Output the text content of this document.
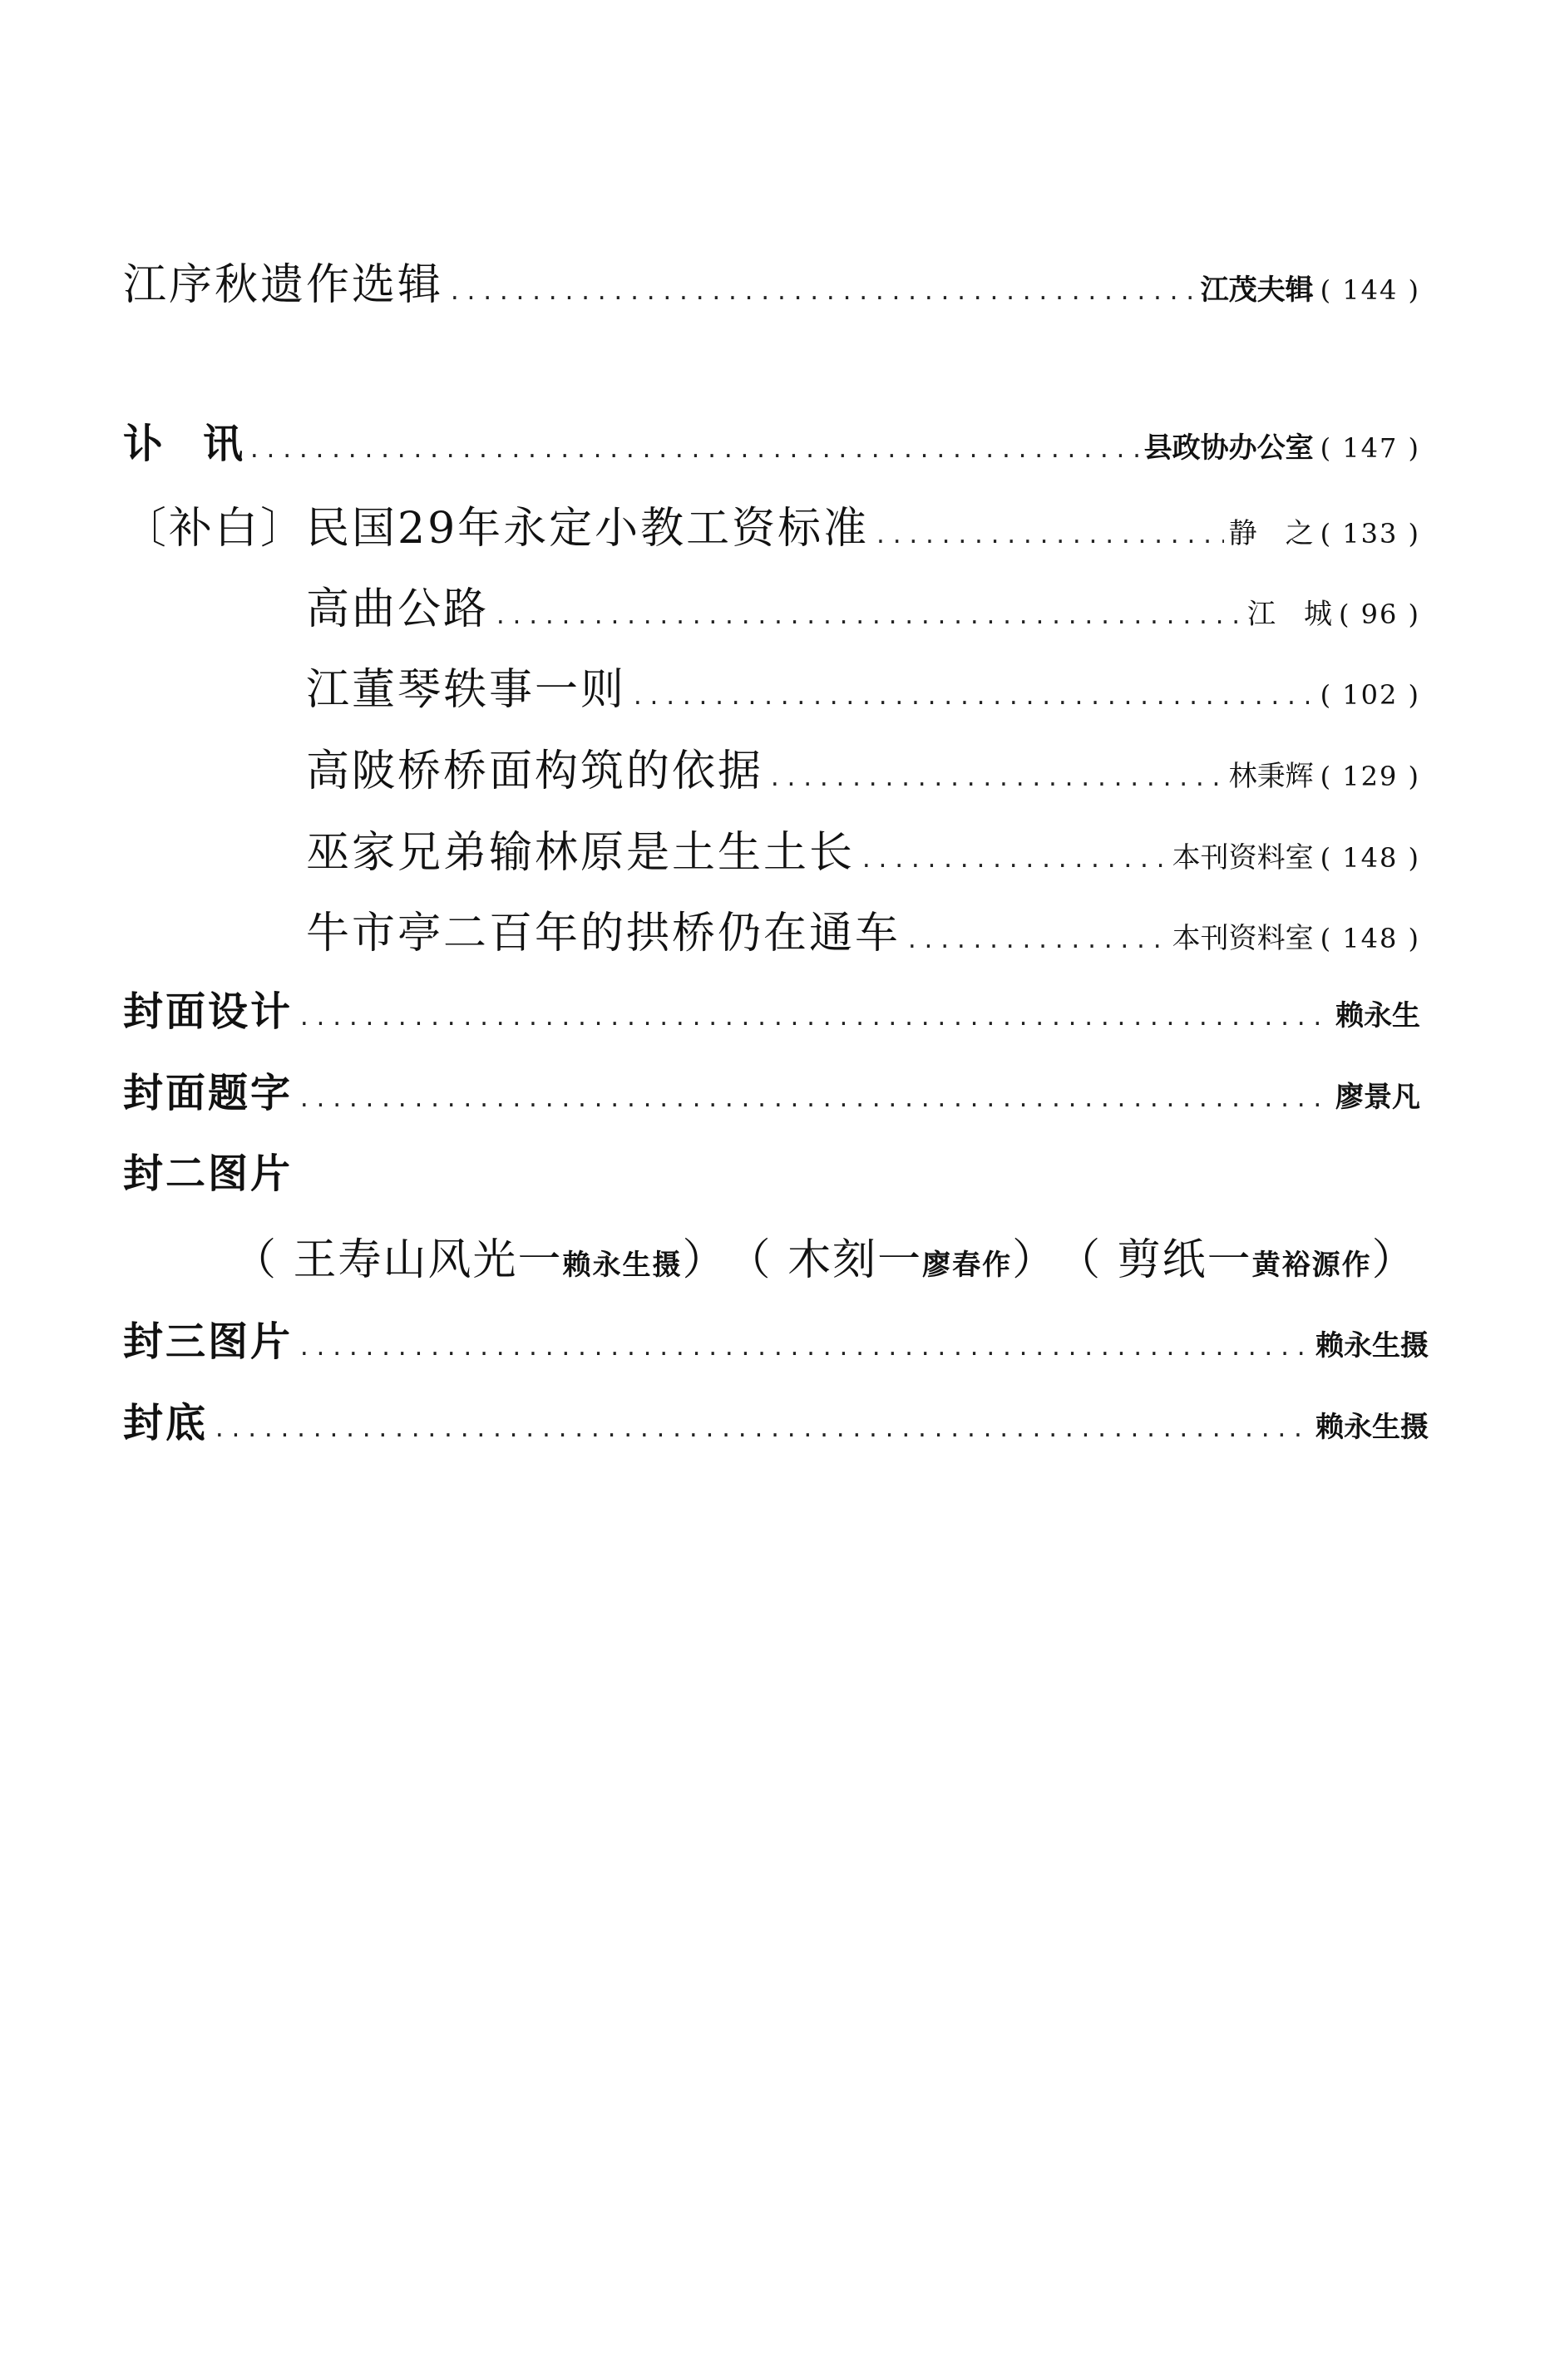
江序秋遗作选辑 .....	江茂夫辑 ( 144 )
讣　讯 .....	县政协办公室 ( 147 )
〔补白〕民国29年永定小教工资标准 .....	静　之 ( 133 )
高曲公路 .....	江　城 ( 96 )
江董琴轶事一则 .....	( 102 )
高陂桥桥面构筑的依据 .....	林秉辉 ( 129 )
巫家兄弟输林原是土生土长 .....	本刊资料室 ( 148 )
牛市亭二百年的拱桥仍在通车 .....	本刊资料室 ( 148 )
封面设计 .....	赖永生
封面题字 .....	廖景凡
封二图片
（ 王寿山风光一 赖永生摄 ） （ 木刻一 廖春作 ） （ 剪纸一 黄裕源作 ）
封三图片 .....	赖永生摄
封底 .....	赖永生摄
